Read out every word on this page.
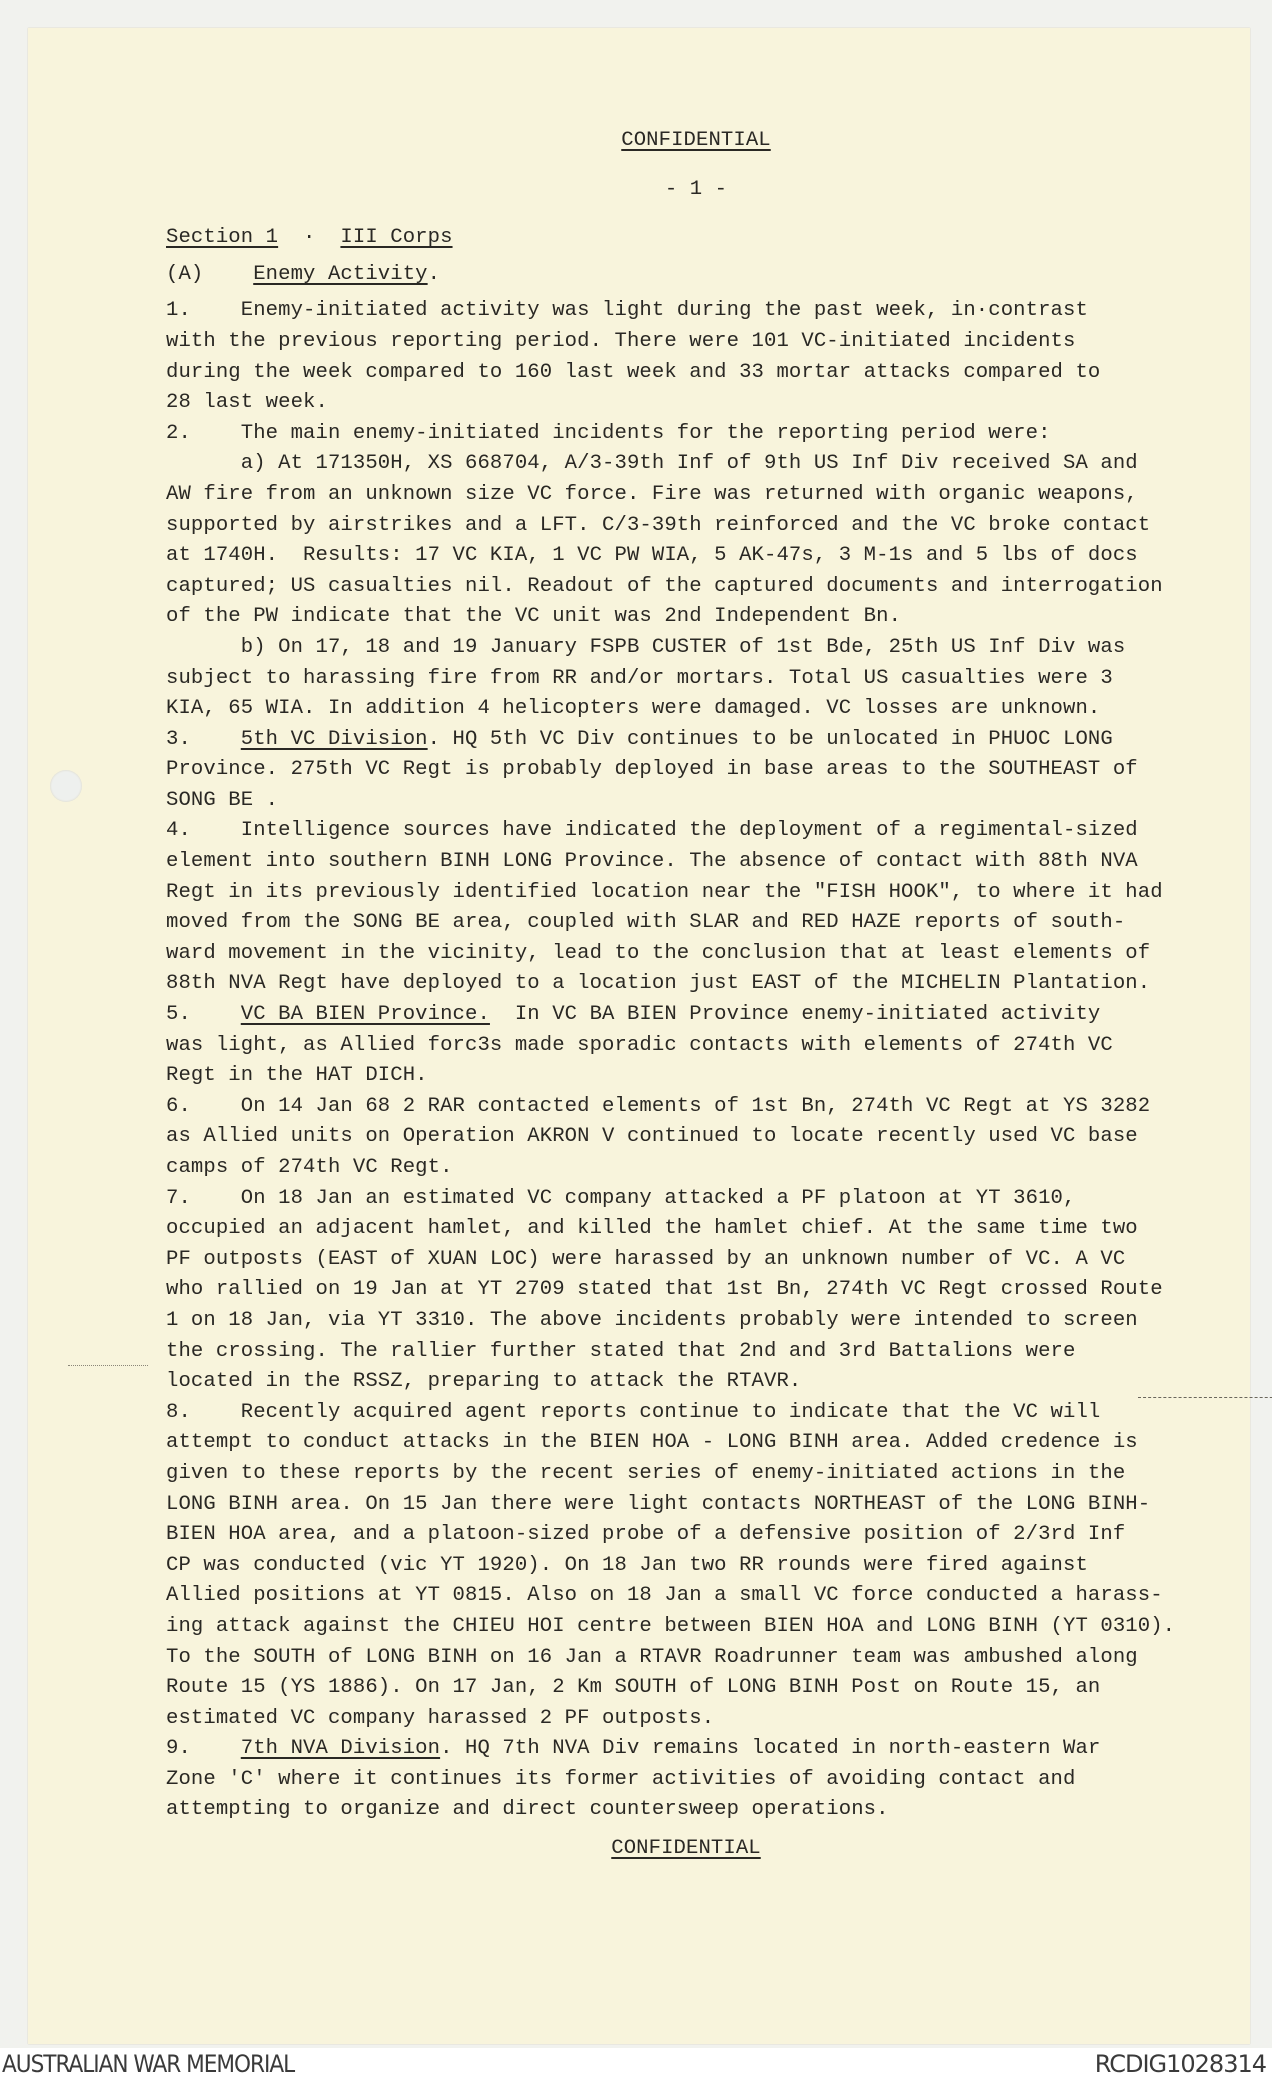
CONFIDENTIAL
- 1 -
Section 1  ·  III Corps
(A) Enemy Activity.
1.    Enemy-initiated activity was light during the past week, in·contrast
with the previous reporting period. There were 101 VC-initiated incidents
during the week compared to 160 last week and 33 mortar attacks compared to
28 last week.
2.    The main enemy-initiated incidents for the reporting period were:
a) At 171350H, XS 668704, A/3-39th Inf of 9th US Inf Div received SA and
AW fire from an unknown size VC force. Fire was returned with organic weapons,
supported by airstrikes and a LFT. C/3-39th reinforced and the VC broke contact
at 1740H.  Results: 17 VC KIA, 1 VC PW WIA, 5 AK-47s, 3 M-1s and 5 lbs of docs
captured; US casualties nil. Readout of the captured documents and interrogation
of the PW indicate that the VC unit was 2nd Independent Bn.
b) On 17, 18 and 19 January FSPB CUSTER of 1st Bde, 25th US Inf Div was
subject to harassing fire from RR and/or mortars. Total US casualties were 3
KIA, 65 WIA. In addition 4 helicopters were damaged. VC losses are unknown.
3. 5th VC Division. HQ 5th VC Div continues to be unlocated in PHUOC LONG
Province. 275th VC Regt is probably deployed in base areas to the SOUTHEAST of
SONG BE .
4.    Intelligence sources have indicated the deployment of a regimental-sized
element into southern BINH LONG Province. The absence of contact with 88th NVA
Regt in its previously identified location near the "FISH HOOK", to where it had
moved from the SONG BE area, coupled with SLAR and RED HAZE reports of south-
ward movement in the vicinity, lead to the conclusion that at least elements of
88th NVA Regt have deployed to a location just EAST of the MICHELIN Plantation.
5. VC BA BIEN Province.  In VC BA BIEN Province enemy-initiated activity
was light, as Allied forc3s made sporadic contacts with elements of 274th VC
Regt in the HAT DICH.
6.    On 14 Jan 68 2 RAR contacted elements of 1st Bn, 274th VC Regt at YS 3282
as Allied units on Operation AKRON V continued to locate recently used VC base
camps of 274th VC Regt.
7.    On 18 Jan an estimated VC company attacked a PF platoon at YT 3610,
occupied an adjacent hamlet, and killed the hamlet chief. At the same time two
PF outposts (EAST of XUAN LOC) were harassed by an unknown number of VC. A VC
who rallied on 19 Jan at YT 2709 stated that 1st Bn, 274th VC Regt crossed Route
1 on 18 Jan, via YT 3310. The above incidents probably were intended to screen
the crossing. The rallier further stated that 2nd and 3rd Battalions were
located in the RSSZ, preparing to attack the RTAVR.
8.    Recently acquired agent reports continue to indicate that the VC will
attempt to conduct attacks in the BIEN HOA - LONG BINH area. Added credence is
given to these reports by the recent series of enemy-initiated actions in the
LONG BINH area. On 15 Jan there were light contacts NORTHEAST of the LONG BINH-
BIEN HOA area, and a platoon-sized probe of a defensive position of 2/3rd Inf
CP was conducted (vic YT 1920). On 18 Jan two RR rounds were fired against
Allied positions at YT 0815. Also on 18 Jan a small VC force conducted a harass-
ing attack against the CHIEU HOI centre between BIEN HOA and LONG BINH (YT 0310).
To the SOUTH of LONG BINH on 16 Jan a RTAVR Roadrunner team was ambushed along
Route 15 (YS 1886). On 17 Jan, 2 Km SOUTH of LONG BINH Post on Route 15, an
estimated VC company harassed 2 PF outposts.
9. 7th NVA Division. HQ 7th NVA Div remains located in north-eastern War
Zone 'C' where it continues its former activities of avoiding contact and
attempting to organize and direct countersweep operations.
CONFIDENTIAL
AUSTRALIAN WAR MEMORIAL	RCDIG1028314
